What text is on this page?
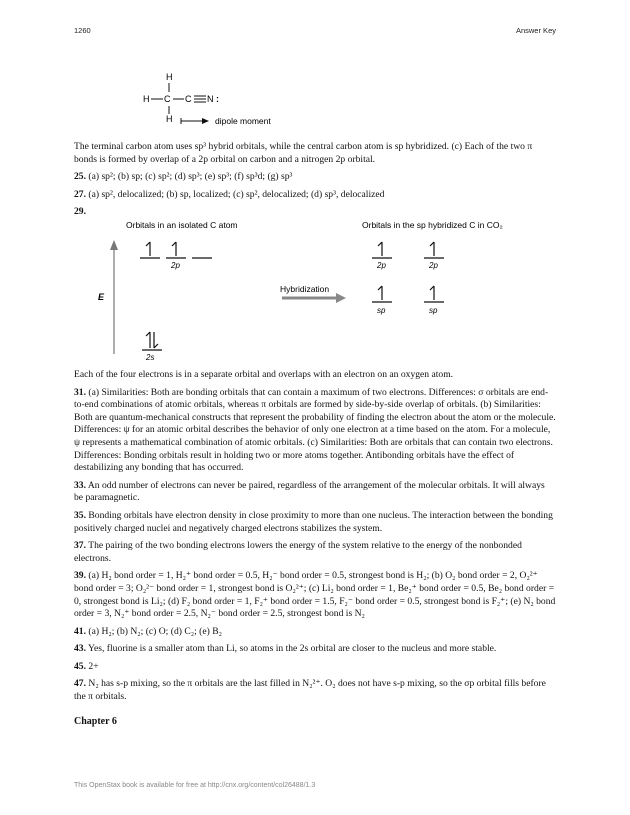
1260	Answer Key
H
H C C N :
H	dipole moment

The terminal carbon atom uses sp³ hybrid orbitals, while the central carbon atom is sp hybridized. (c) Each of the two π bonds is formed by overlap of a 2p orbital on carbon and a nitrogen 2p orbital.

25. (a) sp²; (b) sp; (c) sp²; (d) sp³; (e) sp³; (f) sp³d; (g) sp³

27. (a) sp², delocalized; (b) sp, localized; (c) sp², delocalized; (d) sp³, delocalized

29.

Orbitals in an isolated C atom	Orbitals in the sp hybridized C in CO₂
E
2p
2s
Hybridization
2p	2p
sp	sp

Each of the four electrons is in a separate orbital and overlaps with an electron on an oxygen atom.

31. (a) Similarities: Both are bonding orbitals that can contain a maximum of two electrons. Differences: σ orbitals are end-to-end combinations of atomic orbitals, whereas π orbitals are formed by side-by-side overlap of orbitals. (b) Similarities: Both are quantum-mechanical constructs that represent the probability of finding the electron about the atom or the molecule. Differences: ψ for an atomic orbital describes the behavior of only one electron at a time based on the atom. For a molecule, ψ represents a mathematical combination of atomic orbitals. (c) Similarities: Both are orbitals that can contain two electrons. Differences: Bonding orbitals result in holding two or more atoms together. Antibonding orbitals have the effect of destabilizing any bonding that has occurred.

33. An odd number of electrons can never be paired, regardless of the arrangement of the molecular orbitals. It will always be paramagnetic.

35. Bonding orbitals have electron density in close proximity to more than one nucleus. The interaction between the bonding positively charged nuclei and negatively charged electrons stabilizes the system.

37. The pairing of the two bonding electrons lowers the energy of the system relative to the energy of the nonbonded electrons.

39. (a) H₂ bond order = 1, H₂⁺ bond order = 0.5, H₂⁻ bond order = 0.5, strongest bond is H₂; (b) O₂ bond order = 2, O₂²⁺ bond order = 3; O₂²⁻ bond order = 1, strongest bond is O₂²⁺; (c) Li₂ bond order = 1, Be₂⁺ bond order = 0.5, Be₂ bond order = 0, strongest bond is Li₂; (d) F₂ bond order = 1, F₂⁺ bond order = 1.5, F₂⁻ bond order = 0.5, strongest bond is F₂⁺; (e) N₂ bond order = 3, N₂⁺ bond order = 2.5, N₂⁻ bond order = 2.5, strongest bond is N₂

41. (a) H₂; (b) N₂; (c) O; (d) C₂; (e) B₂

43. Yes, fluorine is a smaller atom than Li, so atoms in the 2s orbital are closer to the nucleus and more stable.

45. 2+

47. N₂ has s-p mixing, so the π orbitals are the last filled in N₂²⁺. O₂ does not have s-p mixing, so the σp orbital fills before the π orbitals.

Chapter 6

This OpenStax book is available for free at http://cnx.org/content/col26488/1.3
